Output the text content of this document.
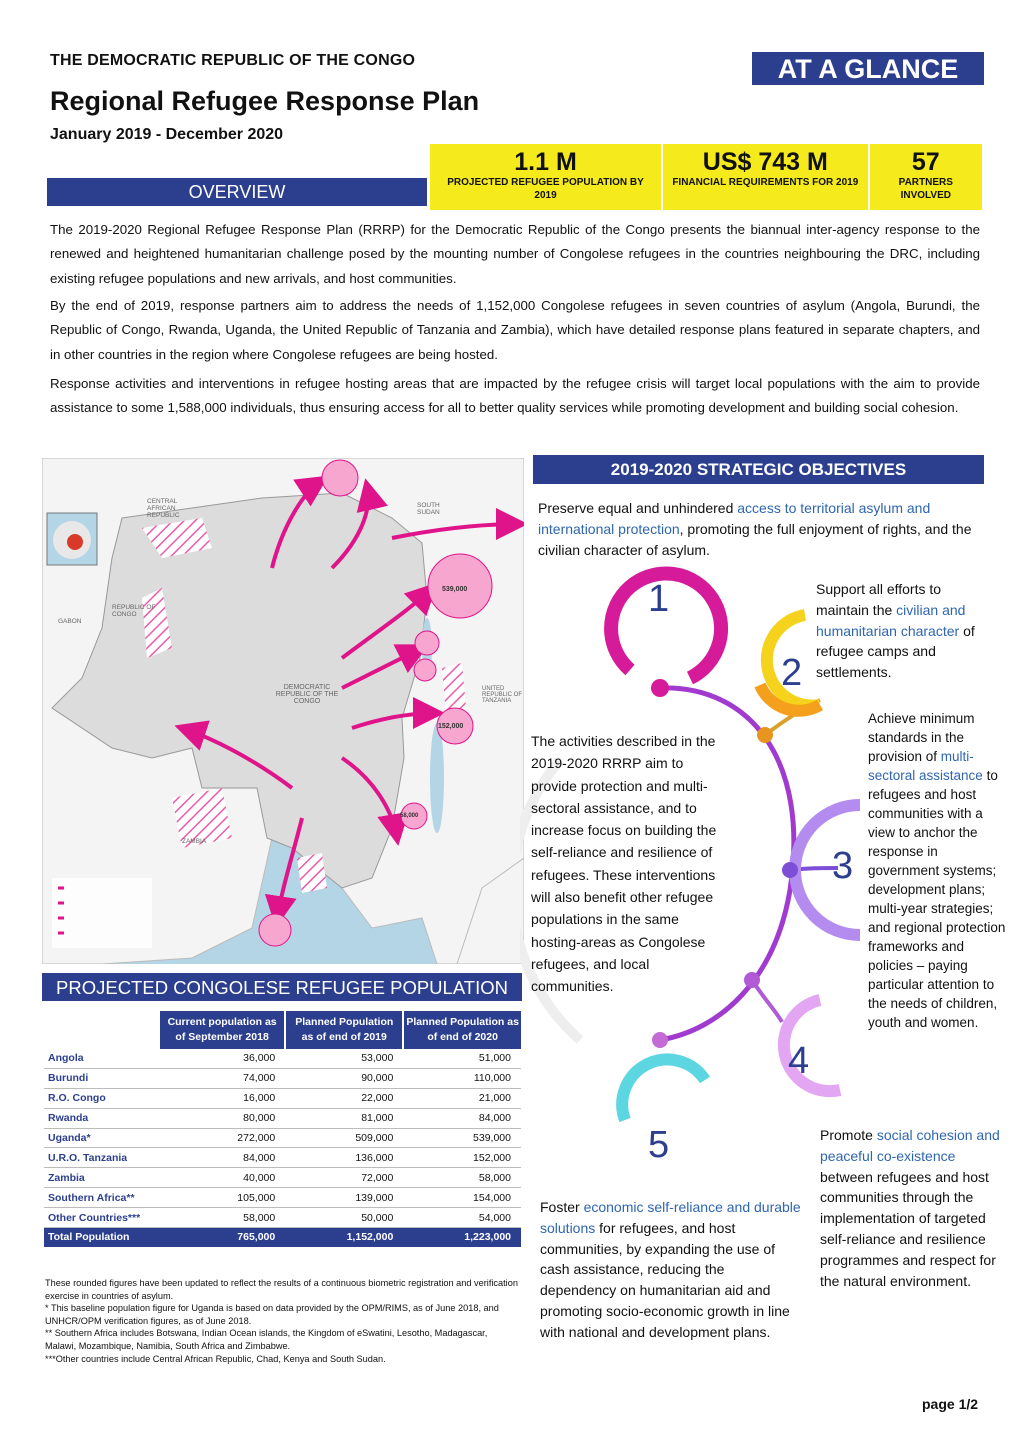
THE DEMOCRATIC REPUBLIC OF THE CONGO
Regional Refugee Response Plan
January 2019 - December 2020
AT A GLANCE
1.1 M
PROJECTED REFUGEE POPULATION BY 2019
US$ 743 M
FINANCIAL REQUIREMENTS FOR 2019
57
PARTNERS INVOLVED
OVERVIEW
The 2019-2020 Regional Refugee Response Plan (RRRP) for the Democratic Republic of the Congo presents the biannual inter-agency response to the renewed and heightened humanitarian challenge posed by the mounting number of Congolese refugees in the countries neighbouring the DRC, including existing refugee populations and new arrivals, and host communities.
By the end of 2019, response partners aim to address the needs of 1,152,000 Congolese refugees in seven countries of asylum (Angola, Burundi, the Republic of Congo, Rwanda, Uganda, the United Republic of Tanzania and Zambia), which have detailed response plans featured in separate chapters, and in other countries in the region where Congolese refugees are being hosted.
Response activities and interventions in refugee hosting areas that are impacted by the refugee crisis will target local populations with the aim to provide assistance to some 1,588,000 individuals, thus ensuring access for all to better quality services while promoting development and building social cohesion.
DEMOCRATIC REPUBLIC OF THE CONGO
REPUBLIC OF CONGO
CENTRAL AFRICAN REPUBLIC
SOUTH SUDAN
GABON
ZAMBIA
UNITED REPUBLIC OF TANZANIA
539,000
152,000
58,000
PROJECTED CONGOLESE REFUGEE POPULATION
	Current population as of September 2018	Planned Population as of end of 2019	Planned Population as of end of 2020
Angola	36,000	53,000	51,000
Burundi	74,000	90,000	110,000
R.O. Congo	16,000	22,000	21,000
Rwanda	80,000	81,000	84,000
Uganda*	272,000	509,000	539,000
U.R.O. Tanzania	84,000	136,000	152,000
Zambia	40,000	72,000	58,000
Southern Africa**	105,000	139,000	154,000
Other Countries***	58,000	50,000	54,000
Total Population	765,000	1,152,000	1,223,000
These rounded figures have been updated to reflect the results of a continuous biometric registration and verification exercise in countries of asylum.
* This baseline population figure for Uganda is based on data provided by the OPM/RIMS, as of June 2018, and UNHCR/OPM verification figures, as of June 2018.
** Southern Africa includes Botswana, Indian Ocean islands, the Kingdom of eSwatini, Lesotho, Madagascar, Malawi, Mozambique, Namibia, South Africa and Zimbabwe.
***Other countries include Central African Republic, Chad, Kenya and South Sudan.
2019-2020 STRATEGIC OBJECTIVES
1
2
3
4
5
Preserve equal and unhindered access to territorial asylum and international protection, promoting the full enjoyment of rights, and the civilian character of asylum.
Support all efforts to maintain the civilian and humanitarian character of refugee camps and settlements.
Achieve minimum standards in the provision of multi-sectoral assistance to refugees and host communities with a view to anchor the response in government systems; development plans; multi-year strategies; and regional protection frameworks and policies – paying particular attention to the needs of children, youth and women.
Promote social cohesion and peaceful co-existence between refugees and host communities through the implementation of targeted self-reliance and resilience programmes and respect for the natural environment.
Foster economic self-reliance and durable solutions for refugees, and host communities, by expanding the use of cash assistance, reducing the dependency on humanitarian aid and promoting socio-economic growth in line with national and development plans.
The activities described in the 2019-2020 RRRP aim to provide protection and multi-sectoral assistance, and to increase focus on building the self-reliance and resilience of refugees. These interventions will also benefit other refugee populations in the same hosting-areas as Congolese refugees, and local communities.
page 1/2
